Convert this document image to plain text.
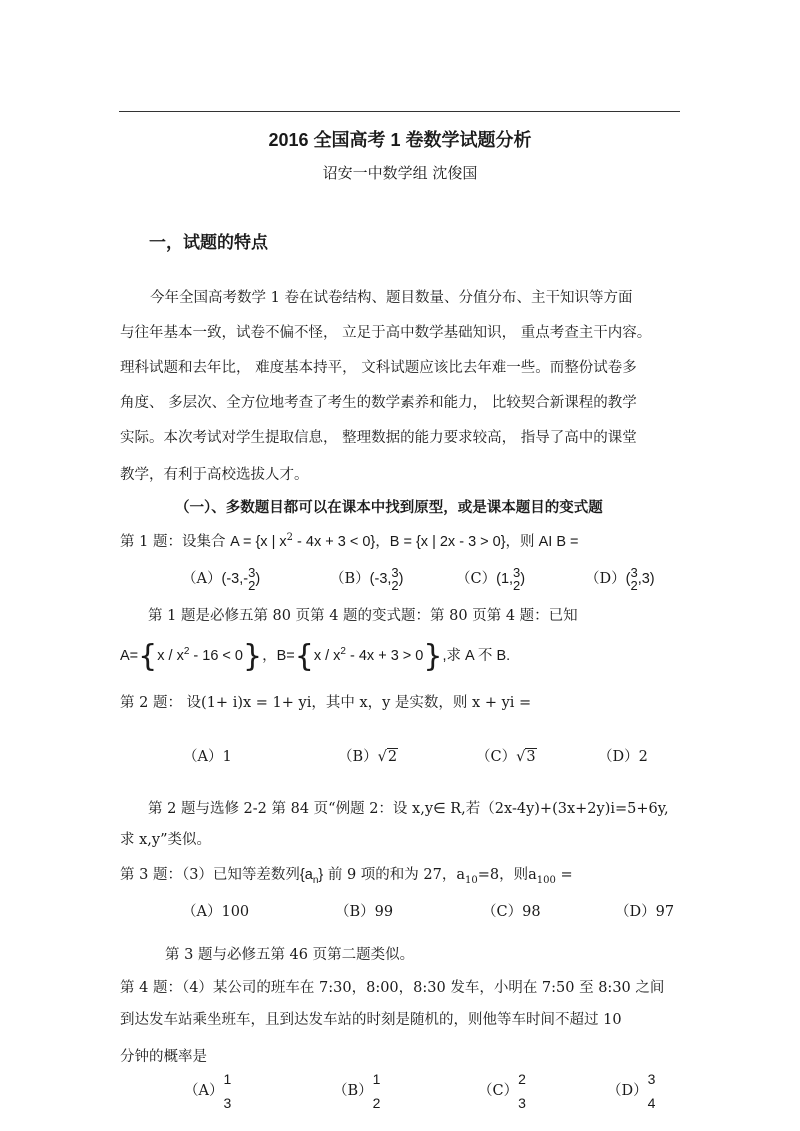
2016 全国高考 1 卷数学试题分析
诏安一中数学组 沈俊国
一，试题的特点
今年全国高考数学 1 卷在试卷结构、题目数量、分值分布、主干知识等方面
与往年基本一致，试卷不偏不怪， 立足于高中数学基础知识， 重点考查主干内容。
理科试题和去年比， 难度基本持平， 文科试题应该比去年难一些。而整份试卷多
角度、 多层次、全方位地考查了考生的数学素养和能力， 比较契合新课程的教学
实际。本次考试对学生提取信息， 整理数据的能力要求较高， 指导了高中的课堂
教学，有利于高校选拔人才。
（一）、多数题目都可以在课本中找到原型，或是课本题目的变式题
第 1 题：设集合 A = {x | $x^2 - 4x + 3 < 0$}，B = {x | 2x - 3 > 0}，则 AI B =
（A）(-3,- 3
2 )	（B）(-3, 3
2 )	（C）(1, 3
2 )	（D）( 3
2 ,3)
第 1 题是必修五第 80 页第 4 题的变式题：第 80 页第 4 题：已知
$A=\{x / x^2 - 16 < 0\}$，$B=\{x / x^2 - 4x + 3 > 0\}$,求 A 不 B.
第 2 题： 设(1+ i)x = 1+ yi，其中 x，y 是实数，则 x + yi =
（A）1	（B）√2	（C）√3	（D）2
第 2 题与选修 2-2 第 84 页“例题 2：设 x,y∈ R,若（2x-4y)+(3x+2y)i=5+6y,
求 x,y”类似。
第 3 题：（3）已知等差数列$\{a_n\}$ 前 9 项的和为 27，$a_{10}=8$，则$a_{100}$ =
（A）100	（B）99	（C）98	（D）97
第 3 题与必修五第 46 页第二题类似。
第 4 题：（4）某公司的班车在 7:30，8:00，8:30 发车，小明在 7:50 至 8:30 之间
到达发车站乘坐班车，且到达发车站的时刻是随机的，则他等车时间不超过 10
分钟的概率是
（A）
1
3
（B）
1
2
（C）
2
3
（D）
3
4
